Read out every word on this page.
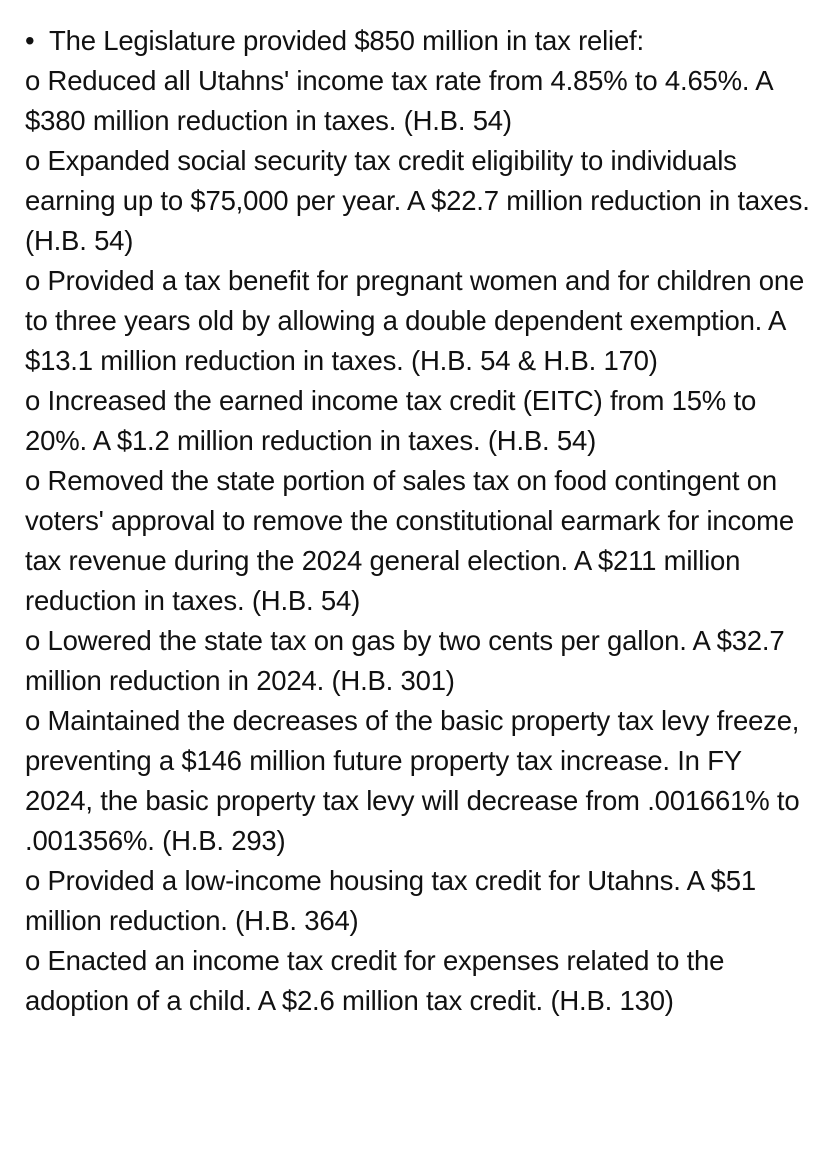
• The Legislature provided $850 million in tax relief:

o Reduced all Utahns' income tax rate from 4.85% to 4.65%. A $380 million reduction in taxes. (H.B. 54)

o Expanded social security tax credit eligibility to individuals earning up to $75,000 per year. A $22.7 million reduction in taxes. (H.B. 54)

o Provided a tax benefit for pregnant women and for children one to three years old by allowing a double dependent exemption. A $13.1 million reduction in taxes. (H.B. 54 & H.B. 170)

o Increased the earned income tax credit (EITC) from 15% to 20%. A $1.2 million reduction in taxes. (H.B. 54)

o Removed the state portion of sales tax on food contingent on voters' approval to remove the constitutional earmark for income tax revenue during the 2024 general election. A $211 million reduction in taxes. (H.B. 54)

o Lowered the state tax on gas by two cents per gallon. A $32.7 million reduction in 2024. (H.B. 301)

o Maintained the decreases of the basic property tax levy freeze, preventing a $146 million future property tax increase. In FY 2024, the basic property tax levy will decrease from .001661% to .001356%. (H.B. 293)

o Provided a low-income housing tax credit for Utahns. A $51 million reduction. (H.B. 364)

o Enacted an income tax credit for expenses related to the adoption of a child. A $2.6 million tax credit. (H.B. 130)
